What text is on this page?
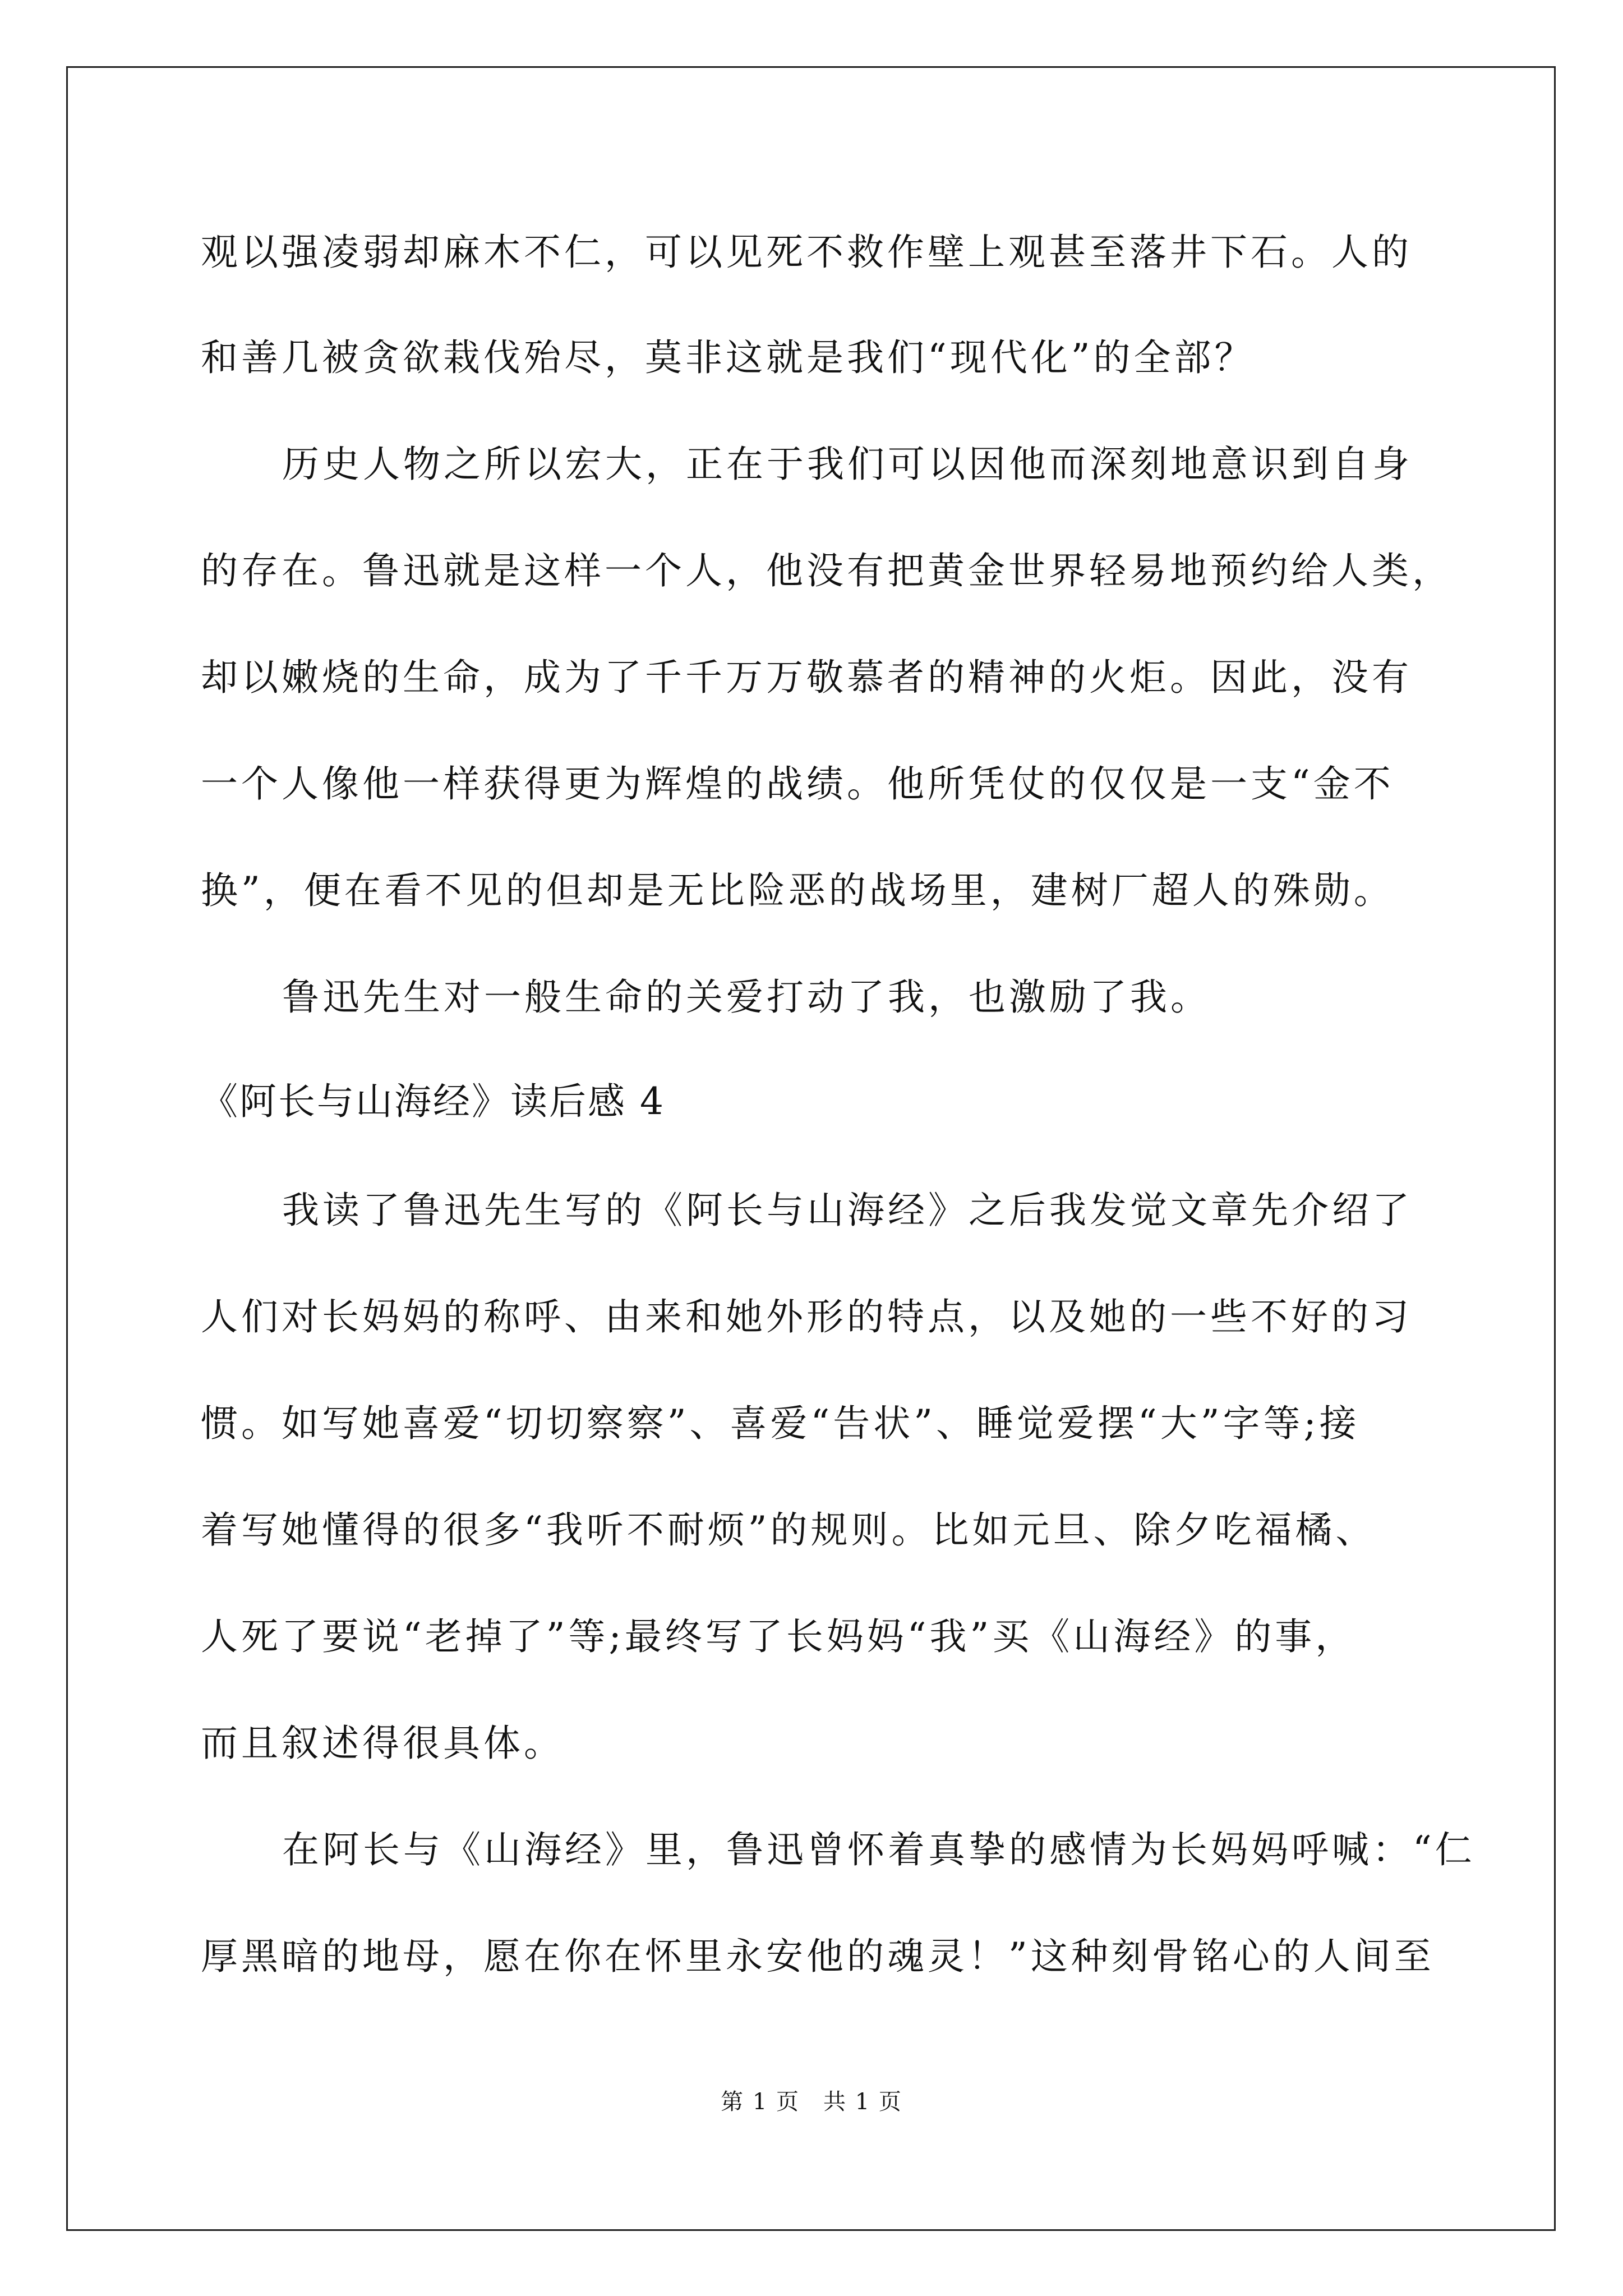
观以强凌弱却麻木不仁，可以见死不救作壁上观甚至落井下石。人的
和善几被贪欲栽伐殆尽，莫非这就是我们“现代化”的全部？
历史人物之所以宏大，正在于我们可以因他而深刻地意识到自身
的存在。鲁迅就是这样一个人，他没有把黄金世界轻易地预约给人类，
却以嫩烧的生命，成为了千千万万敬慕者的精神的火炬。因此，没有
一个人像他一样获得更为辉煌的战绩。他所凭仗的仅仅是一支“金不
换”，便在看不见的但却是无比险恶的战场里，建树厂超人的殊勋。
鲁迅先生对一般生命的关爱打动了我，也激励了我。
《阿长与山海经》读后感 4
我读了鲁迅先生写的《阿长与山海经》之后我发觉文章先介绍了
人们对长妈妈的称呼、由来和她外形的特点，以及她的一些不好的习
惯。如写她喜爱“切切察察”、喜爱“告状”、睡觉爱摆“大”字等;接
着写她懂得的很多“我听不耐烦”的规则。比如元旦、除夕吃福橘、
人死了要说“老掉了”等;最终写了长妈妈“我”买《山海经》的事，
而且叙述得很具体。
在阿长与《山海经》里，鲁迅曾怀着真挚的感情为长妈妈呼喊：“仁
厚黑暗的地母，愿在你在怀里永安他的魂灵！”这种刻骨铭心的人间至
第 1 页　共 1 页
